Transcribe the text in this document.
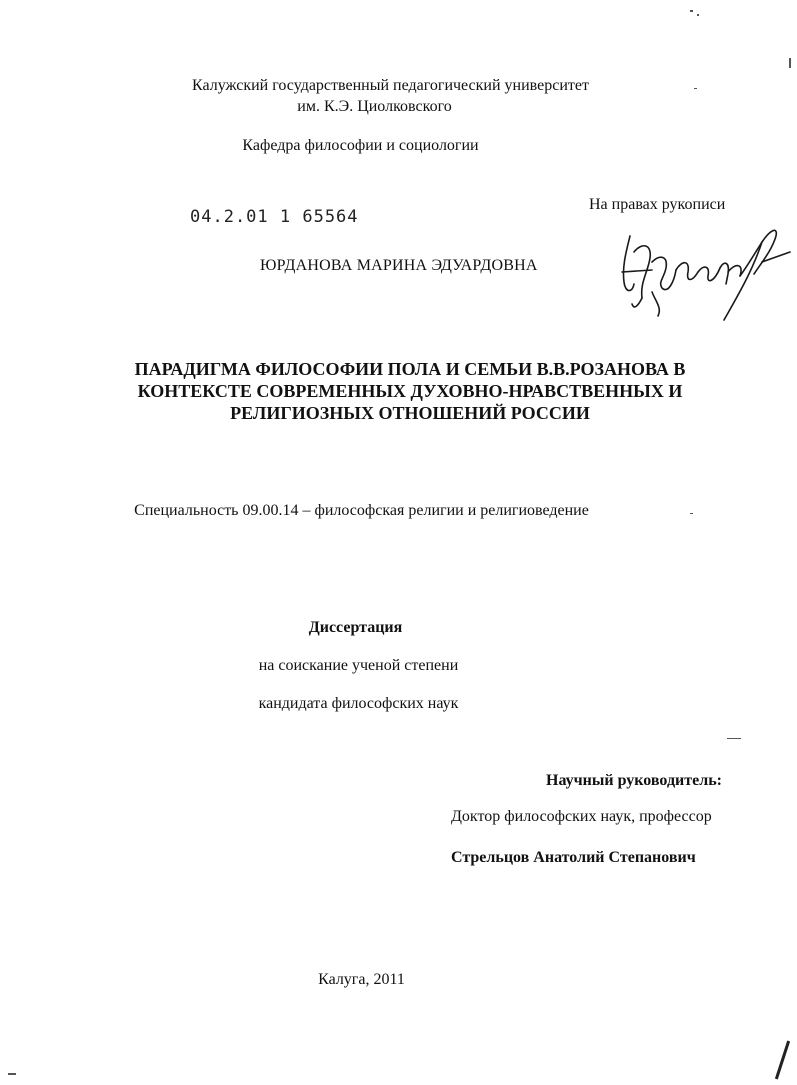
Калужский государственный педагогический университет
им. К.Э. Циолковского
Кафедра философии и социологии
04.2.01 1 65564
На правах рукописи
ЮРДАНОВА МАРИНА ЭДУАРДОВНА
ПАРАДИГМА ФИЛОСОФИИ ПОЛА И СЕМЬИ В.В.РОЗАНОВА В
КОНТЕКСТЕ СОВРЕМЕННЫХ ДУХОВНО-НРАВСТВЕННЫХ И
РЕЛИГИОЗНЫХ ОТНОШЕНИЙ РОССИИ
Специальность 09.00.14 – философская религии и религиоведение
Диссертация
на соискание ученой степени
кандидата философских наук
Научный руководитель:
Доктор философских наук, профессор
Стрельцов Анатолий Степанович
Калуга, 2011
